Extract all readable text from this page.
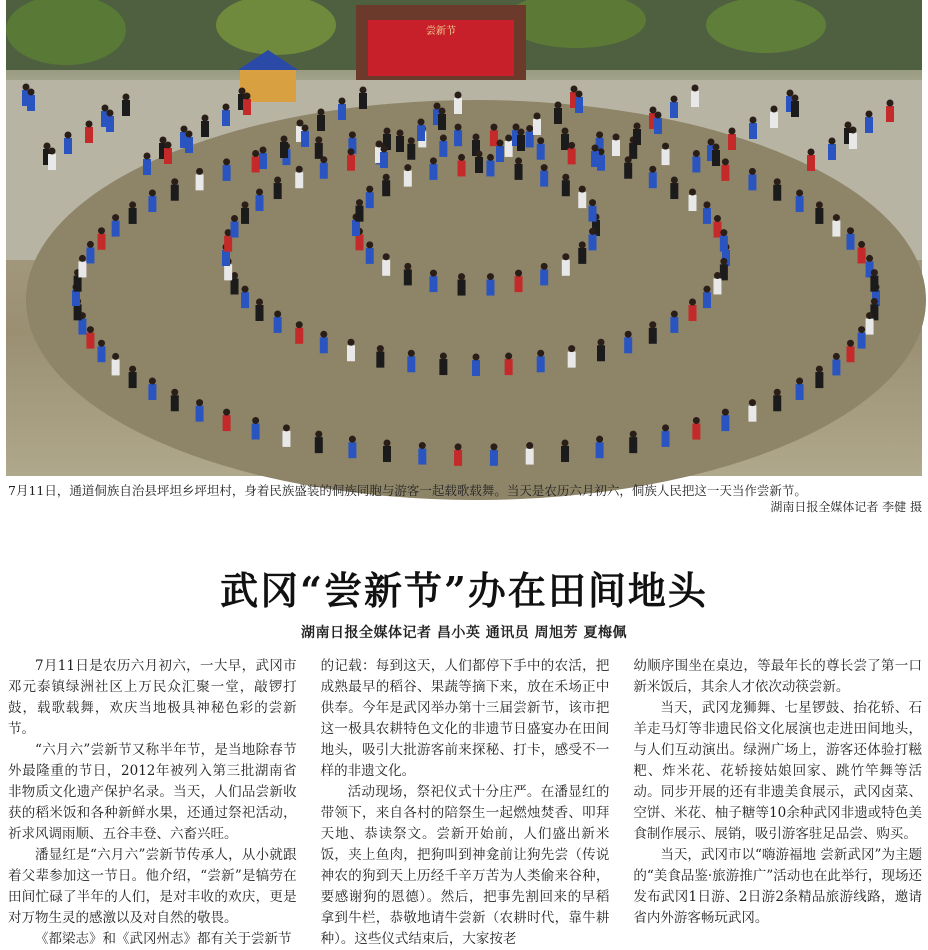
尝新节
7月11日，通道侗族自治县坪坦乡坪坦村，身着民族盛装的侗族同胞与游客一起载歌载舞。当天是农历六月初六，侗族人民把这一天当作尝新节。
湖南日报全媒体记者 李健 摄
武冈“尝新节”办在田间地头
湖南日报全媒体记者 昌小英 通讯员 周旭芳 夏梅佩

7月11日是农历六月初六，一大早，武冈市邓元泰镇绿洲社区上万民众汇聚一堂，敲锣打鼓，载歌载舞，欢庆当地极具神秘色彩的尝新节。

“六月六”尝新节又称半年节，是当地除春节外最隆重的节日，2012年被列入第三批湖南省非物质文化遗产保护名录。当天，人们品尝新收获的稻米饭和各种新鲜水果，还通过祭祀活动，祈求风调雨顺、五谷丰登、六畜兴旺。

潘显红是“六月六”尝新节传承人，从小就跟着父辈参加这一节日。他介绍，“尝新”是犒劳在田间忙碌了半年的人们，是对丰收的欢庆，更是对万物生灵的感激以及对自然的敬畏。

《都梁志》和《武冈州志》都有关于尝新节

的记载：每到这天，人们都停下手中的农活，把成熟最早的稻谷、果蔬等摘下来，放在禾场正中供奉。今年是武冈举办第十三届尝新节，该市把这一极具农耕特色文化的非遗节日盛宴办在田间地头，吸引大批游客前来探秘、打卡，感受不一样的非遗文化。

活动现场，祭祀仪式十分庄严。在潘显红的带领下，来自各村的陪祭生一起燃烛焚香、叩拜天地、恭读祭文。尝新开始前，人们盛出新米饭，夹上鱼肉，把狗叫到神龛前让狗先尝（传说神农的狗到天上历经千辛万苦为人类偷来谷种，要感谢狗的恩德）。然后，把事先割回来的早稻拿到牛栏，恭敬地请牛尝新（农耕时代，靠牛耕种）。这些仪式结束后，大家按老

幼顺序围坐在桌边，等最年长的尊长尝了第一口新米饭后，其余人才依次动筷尝新。

当天，武冈龙狮舞、七星锣鼓、抬花轿、石羊走马灯等非遗民俗文化展演也走进田间地头，与人们互动演出。绿洲广场上，游客还体验打糍粑、炸米花、花轿接姑娘回家、跳竹竿舞等活动。同步开展的还有非遗美食展示，武冈卤菜、空饼、米花、柚子糖等10余种武冈非遗或特色美食制作展示、展销，吸引游客驻足品尝、购买。

当天，武冈市以“嗨游福地 尝新武冈”为主题的“美食品鉴·旅游推广”活动也在此举行，现场还发布武冈1日游、2日游2条精品旅游线路，邀请省内外游客畅玩武冈。
